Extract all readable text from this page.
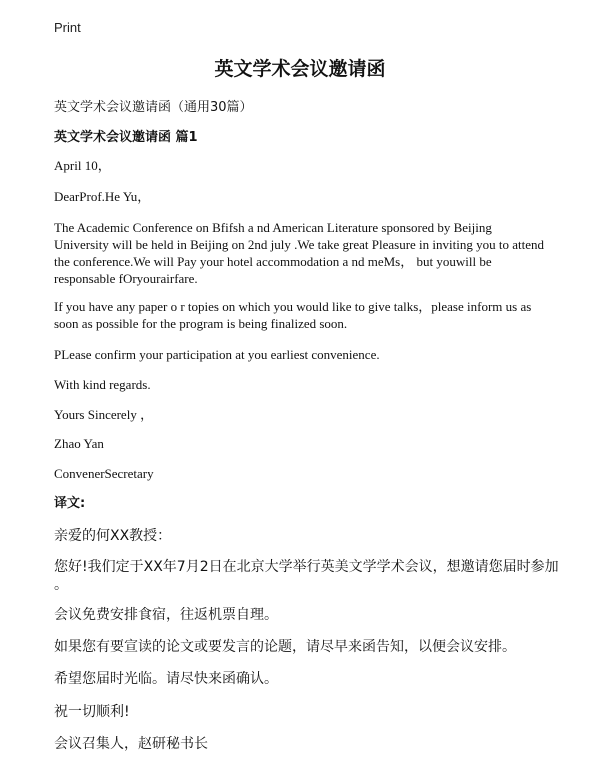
Print
英文学术会议邀请函
英文学术会议邀请函（通用30篇）
英文学术会议邀请函 篇1
April 10，
DearProf.He Yu，
The Academic Conference on Bfifsh a nd American Literature sponsored by Beijing University will be held in Beijing on 2nd july .We take great Pleasure in inviting you to attend the conference.We will Pay your hotel accommodation a nd meMs， but youwill be responsable fOryourairfare.
If you have any paper o r topies on which you would like to give talks，please inform us as soon as possible for the program is being finalized soon.
PLease confirm your participation at you earliest convenience.
With kind regards.
Yours Sincerely ，
Zhao Yan
ConvenerSecretary
译文:
亲爱的何XX教授：
您好!我们定于XX年7月2日在北京大学举行英美文学学术会议，想邀请您届时参加
。
会议免费安排食宿，往返机票自理。
如果您有要宣读的论文或要发言的论题，请尽早来函告知，以便会议安排。
希望您届时光临。请尽快来函确认。
祝一切顺利!
会议召集人，赵研秘书长
